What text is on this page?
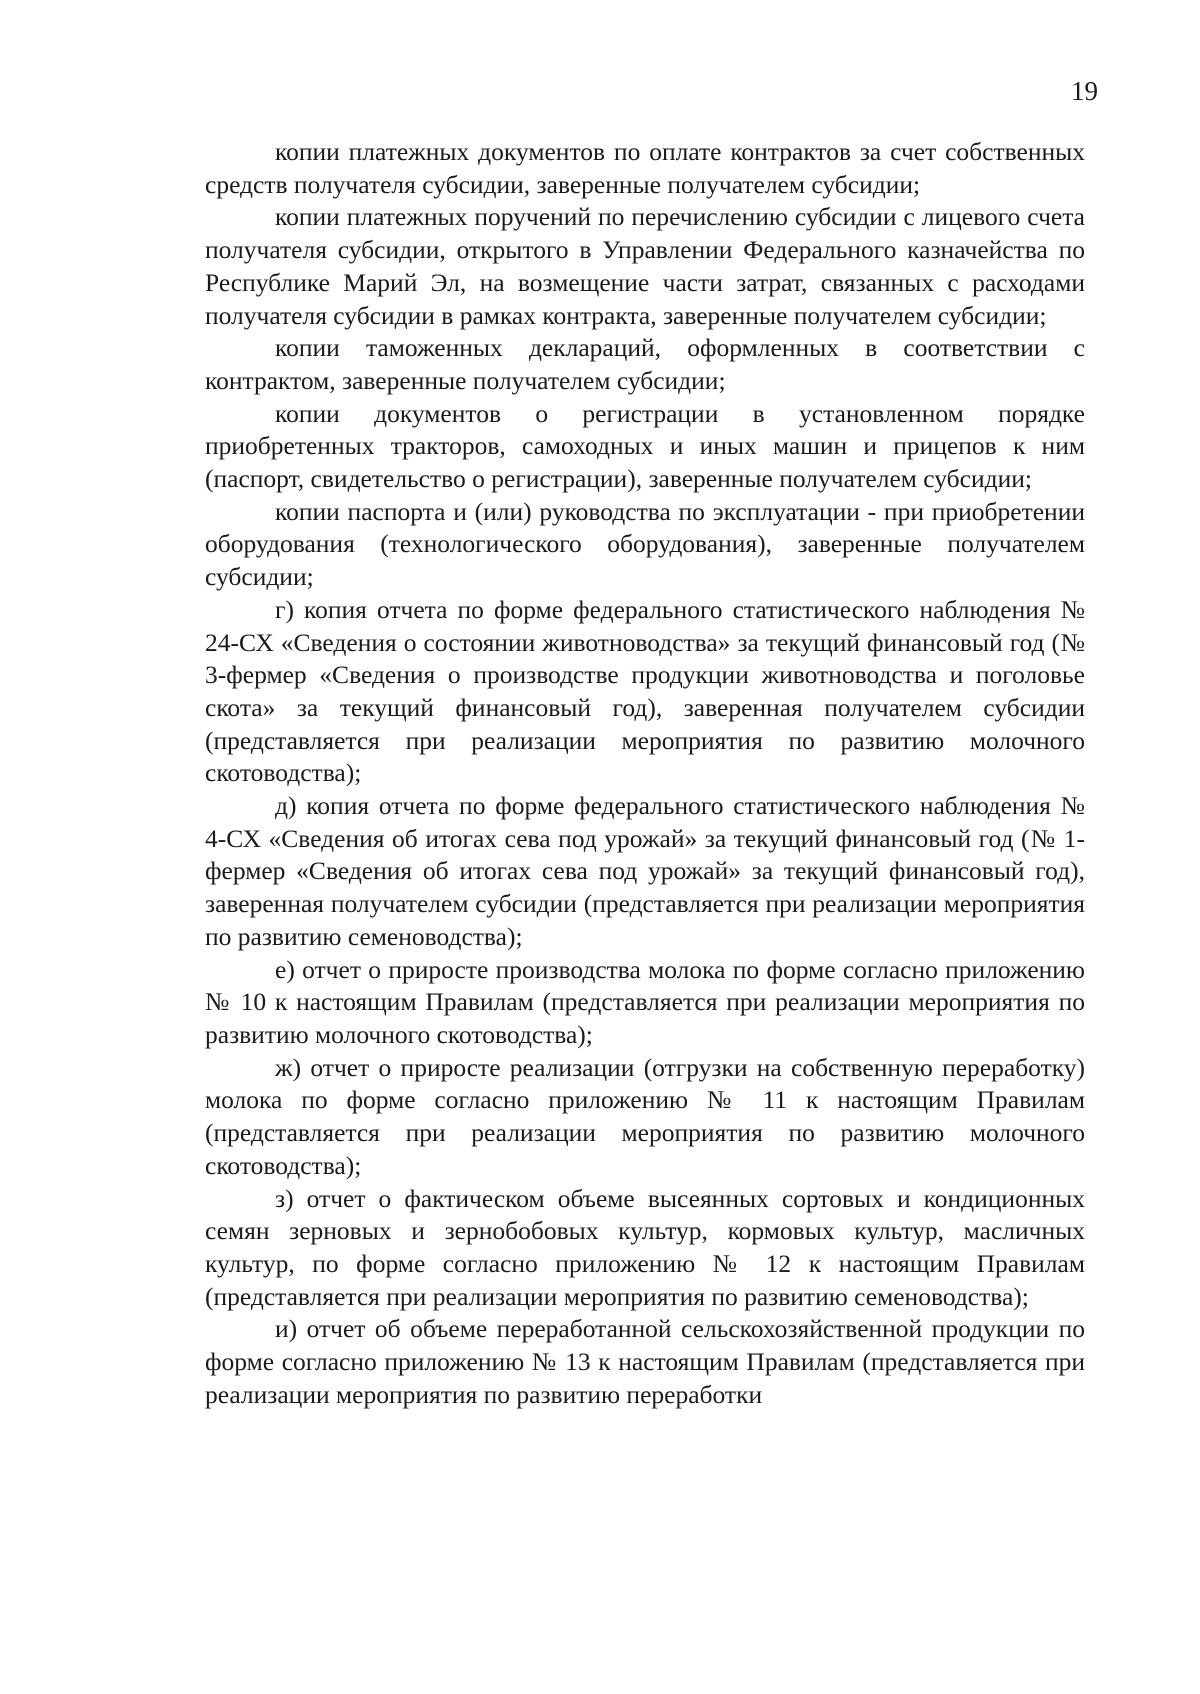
19

копии платежных документов по оплате контрактов за счет собственных средств получателя субсидии, заверенные получателем субсидии;

копии платежных поручений по перечислению субсидии с лицевого счета получателя субсидии, открытого в Управлении Федерального казначейства по Республике Марий Эл, на возмещение части затрат, связанных с расходами получателя субсидии в рамках контракта, заверенные получателем субсидии;

копии таможенных деклараций, оформленных в соответствии с контрактом, заверенные получателем субсидии;

копии документов о регистрации в установленном порядке приобретенных тракторов, самоходных и иных машин и прицепов к ним (паспорт, свидетельство о регистрации), заверенные получателем субсидии;

копии паспорта и (или) руководства по эксплуатации - при приобретении оборудования (технологического оборудования), заверенные получателем субсидии;

г) копия отчета по форме федерального статистического наблюдения № 24-СХ «Сведения о состоянии животноводства» за текущий финансовый год (№ 3-фермер «Сведения о производстве продукции животноводства и поголовье скота» за текущий финансовый год), заверенная получателем субсидии (представляется при реализации мероприятия по развитию молочного скотоводства);

д) копия отчета по форме федерального статистического наблюдения № 4-СХ «Сведения об итогах сева под урожай» за текущий финансовый год (№ 1-фермер «Сведения об итогах сева под урожай» за текущий финансовый год), заверенная получателем субсидии (представляется при реализации мероприятия по развитию семеноводства);

е) отчет о приросте производства молока по форме согласно приложению № 10 к настоящим Правилам (представляется при реализации мероприятия по развитию молочного скотоводства);

ж) отчет о приросте реализации (отгрузки на собственную переработку) молока по форме согласно приложению № 11 к настоящим Правилам (представляется при реализации мероприятия по развитию молочного скотоводства);

з) отчет о фактическом объеме высеянных сортовых и кондиционных семян зерновых и зернобобовых культур, кормовых культур, масличных культур, по форме согласно приложению № 12 к настоящим Правилам (представляется при реализации мероприятия по развитию семеноводства);

и) отчет об объеме переработанной сельскохозяйственной продукции по форме согласно приложению № 13 к настоящим Правилам (представляется при реализации мероприятия по развитию переработки
